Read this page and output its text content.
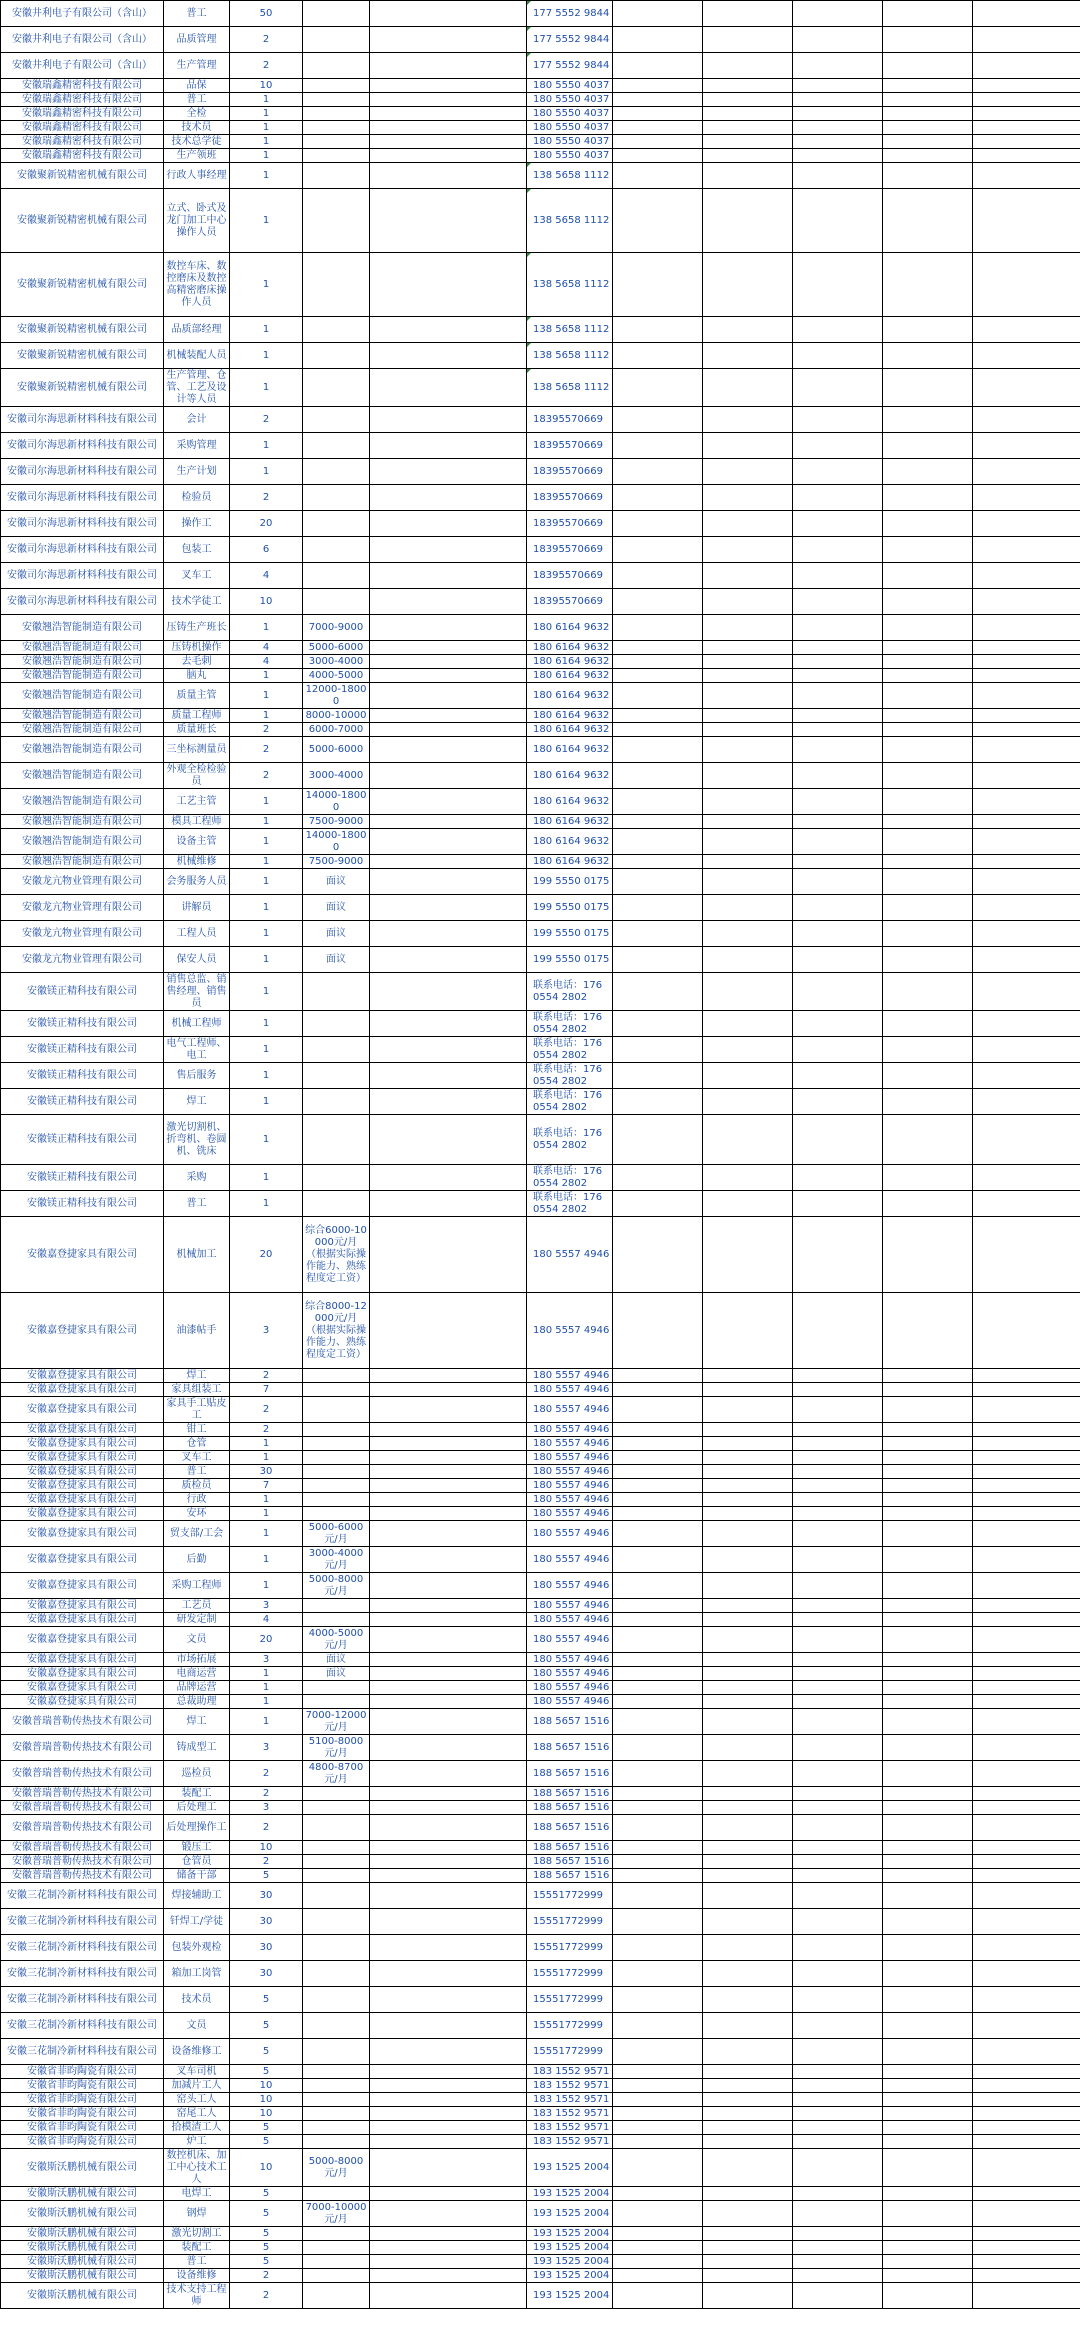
安徽井利电子有限公司（含山）	普工	50			177 5552 9844					
安徽井利电子有限公司（含山）	品质管理	2			177 5552 9844					
安徽井利电子有限公司（含山）	生产管理	2			177 5552 9844					
安徽瑞鑫精密科技有限公司	品保	10			180 5550 4037					
安徽瑞鑫精密科技有限公司	普工	1			180 5550 4037					
安徽瑞鑫精密科技有限公司	全检	1			180 5550 4037					
安徽瑞鑫精密科技有限公司	技术员	1			180 5550 4037					
安徽瑞鑫精密科技有限公司	技术总学徒	1			180 5550 4037					
安徽瑞鑫精密科技有限公司	生产领班	1			180 5550 4037					
安徽聚新锐精密机械有限公司	行政人事经理	1			138 5658 1112					
安徽聚新锐精密机械有限公司	立式、卧式及龙门加工中心操作人员	1			138 5658 1112					
安徽聚新锐精密机械有限公司	数控车床、数控磨床及数控高精密磨床操作人员	1			138 5658 1112					
安徽聚新锐精密机械有限公司	品质部经理	1			138 5658 1112					
安徽聚新锐精密机械有限公司	机械装配人员	1			138 5658 1112					
安徽聚新锐精密机械有限公司	生产管理、仓管、工艺及设计等人员	1			138 5658 1112					
安徽司尔海思新材料科技有限公司	会计	2			18395570669					
安徽司尔海思新材料科技有限公司	采购管理	1			18395570669					
安徽司尔海思新材料科技有限公司	生产计划	1			18395570669					
安徽司尔海思新材料科技有限公司	检验员	2			18395570669					
安徽司尔海思新材料科技有限公司	操作工	20			18395570669					
安徽司尔海思新材料科技有限公司	包装工	6			18395570669					
安徽司尔海思新材料科技有限公司	叉车工	4			18395570669					
安徽司尔海思新材料科技有限公司	技术学徒工	10			18395570669					
安徽翘浩智能制造有限公司	压铸生产班长	1	7000-9000		180 6164 9632					
安徽翘浩智能制造有限公司	压铸机操作	4	5000-6000		180 6164 9632					
安徽翘浩智能制造有限公司	去毛刺	4	3000-4000		180 6164 9632					
安徽翘浩智能制造有限公司	脑丸	1	4000-5000		180 6164 9632					
安徽翘浩智能制造有限公司	质量主管	1	12000-18000		180 6164 9632					
安徽翘浩智能制造有限公司	质量工程师	1	8000-10000		180 6164 9632					
安徽翘浩智能制造有限公司	质量班长	2	6000-7000		180 6164 9632					
安徽翘浩智能制造有限公司	三坐标测量员	2	5000-6000		180 6164 9632					
安徽翘浩智能制造有限公司	外观全检检验员	2	3000-4000		180 6164 9632					
安徽翘浩智能制造有限公司	工艺主管	1	14000-18000		180 6164 9632					
安徽翘浩智能制造有限公司	模具工程师	1	7500-9000		180 6164 9632					
安徽翘浩智能制造有限公司	设备主管	1	14000-18000		180 6164 9632					
安徽翘浩智能制造有限公司	机械维修	1	7500-9000		180 6164 9632					
安徽龙亢物业管理有限公司	会务服务人员	1	面议		199 5550 0175					
安徽龙亢物业管理有限公司	讲解员	1	面议		199 5550 0175					
安徽龙亢物业管理有限公司	工程人员	1	面议		199 5550 0175					
安徽龙亢物业管理有限公司	保安人员	1	面议		199 5550 0175					
安徽镁正精科技有限公司	销售总监、销售经理、销售员	1			联系电话：176 0554 2802					
安徽镁正精科技有限公司	机械工程师	1			联系电话：176 0554 2802					
安徽镁正精科技有限公司	电气工程师、电工	1			联系电话：176 0554 2802					
安徽镁正精科技有限公司	售后服务	1			联系电话：176 0554 2802					
安徽镁正精科技有限公司	焊工	1			联系电话：176 0554 2802					
安徽镁正精科技有限公司	激光切割机、折弯机、卷圆机、铣床	1			联系电话：176 0554 2802					
安徽镁正精科技有限公司	采购	1			联系电话：176 0554 2802					
安徽镁正精科技有限公司	普工	1			联系电话：176 0554 2802					
安徽嘉登捷家具有限公司	机械加工	20	综合6000-10000元/月（根据实际操作能力、熟练程度定工资）		180 5557 4946					
安徽嘉登捷家具有限公司	油漆帖手	3	综合8000-12000元/月（根据实际操作能力、熟练程度定工资）		180 5557 4946					
安徽嘉登捷家具有限公司	焊工	2			180 5557 4946					
安徽嘉登捷家具有限公司	家具组装工	7			180 5557 4946					
安徽嘉登捷家具有限公司	家具手工贴皮工	2			180 5557 4946					
安徽嘉登捷家具有限公司	钳工	2			180 5557 4946					
安徽嘉登捷家具有限公司	仓管	1			180 5557 4946					
安徽嘉登捷家具有限公司	叉车工	1			180 5557 4946					
安徽嘉登捷家具有限公司	普工	30			180 5557 4946					
安徽嘉登捷家具有限公司	质检员	7			180 5557 4946					
安徽嘉登捷家具有限公司	行政	1			180 5557 4946					
安徽嘉登捷家具有限公司	安环	1			180 5557 4946					
安徽嘉登捷家具有限公司	贸支部/工会	1	5000-6000元/月		180 5557 4946					
安徽嘉登捷家具有限公司	后勤	1	3000-4000元/月		180 5557 4946					
安徽嘉登捷家具有限公司	采购工程师	1	5000-8000元/月		180 5557 4946					
安徽嘉登捷家具有限公司	工艺员	3			180 5557 4946					
安徽嘉登捷家具有限公司	研发定制	4			180 5557 4946					
安徽嘉登捷家具有限公司	文员	20	4000-5000元/月		180 5557 4946					
安徽嘉登捷家具有限公司	市场拓展	3	面议		180 5557 4946					
安徽嘉登捷家具有限公司	电商运营	1	面议		180 5557 4946					
安徽嘉登捷家具有限公司	品牌运营	1			180 5557 4946					
安徽嘉登捷家具有限公司	总裁助理	1			180 5557 4946					
安徽普瑞普勒传热技术有限公司	焊工	1	7000-12000元/月		188 5657 1516					
安徽普瑞普勒传热技术有限公司	铸成型工	3	5100-8000元/月		188 5657 1516					
安徽普瑞普勒传热技术有限公司	巡检员	2	4800-8700元/月		188 5657 1516					
安徽普瑞普勒传热技术有限公司	装配工	2			188 5657 1516					
安徽普瑞普勒传热技术有限公司	后处理工	3			188 5657 1516					
安徽普瑞普勒传热技术有限公司	后处理操作工	2			188 5657 1516					
安徽普瑞普勒传热技术有限公司	锻压工	10			188 5657 1516					
安徽普瑞普勒传热技术有限公司	仓管员	2			188 5657 1516					
安徽普瑞普勒传热技术有限公司	储备干部	5			188 5657 1516					
安徽三花制冷新材料科技有限公司	焊接辅助工	30			15551772999					
安徽三花制冷新材料科技有限公司	钎焊工/学徒	30			15551772999					
安徽三花制冷新材料科技有限公司	包装外观检	30			15551772999					
安徽三花制冷新材料科技有限公司	箱加工岗管	30			15551772999					
安徽三花制冷新材料科技有限公司	技术员	5			15551772999					
安徽三花制冷新材料科技有限公司	文员	5			15551772999					
安徽三花制冷新材料科技有限公司	设备维修工	5			15551772999					
安徽省菲昀陶瓷有限公司	叉车司机	5			183 1552 9571					
安徽省菲昀陶瓷有限公司	加减片工人	10			183 1552 9571					
安徽省菲昀陶瓷有限公司	窑头工人	10			183 1552 9571					
安徽省菲昀陶瓷有限公司	窑尾工人	10			183 1552 9571					
安徽省菲昀陶瓷有限公司	拾模渣工人	5			183 1552 9571					
安徽省菲昀陶瓷有限公司	炉工	5			183 1552 9571					
安徽斯沃鹏机械有限公司	数控机床、加工中心技术工人	10	5000-8000元/月		193 1525 2004					
安徽斯沃鹏机械有限公司	电焊工	5			193 1525 2004					
安徽斯沃鹏机械有限公司	钢焊	5	7000-10000元/月		193 1525 2004					
安徽斯沃鹏机械有限公司	激光切割工	5			193 1525 2004					
安徽斯沃鹏机械有限公司	装配工	5			193 1525 2004					
安徽斯沃鹏机械有限公司	普工	5			193 1525 2004					
安徽斯沃鹏机械有限公司	设备维修	2			193 1525 2004					
安徽斯沃鹏机械有限公司	技术支持工程师	2			193 1525 2004					
